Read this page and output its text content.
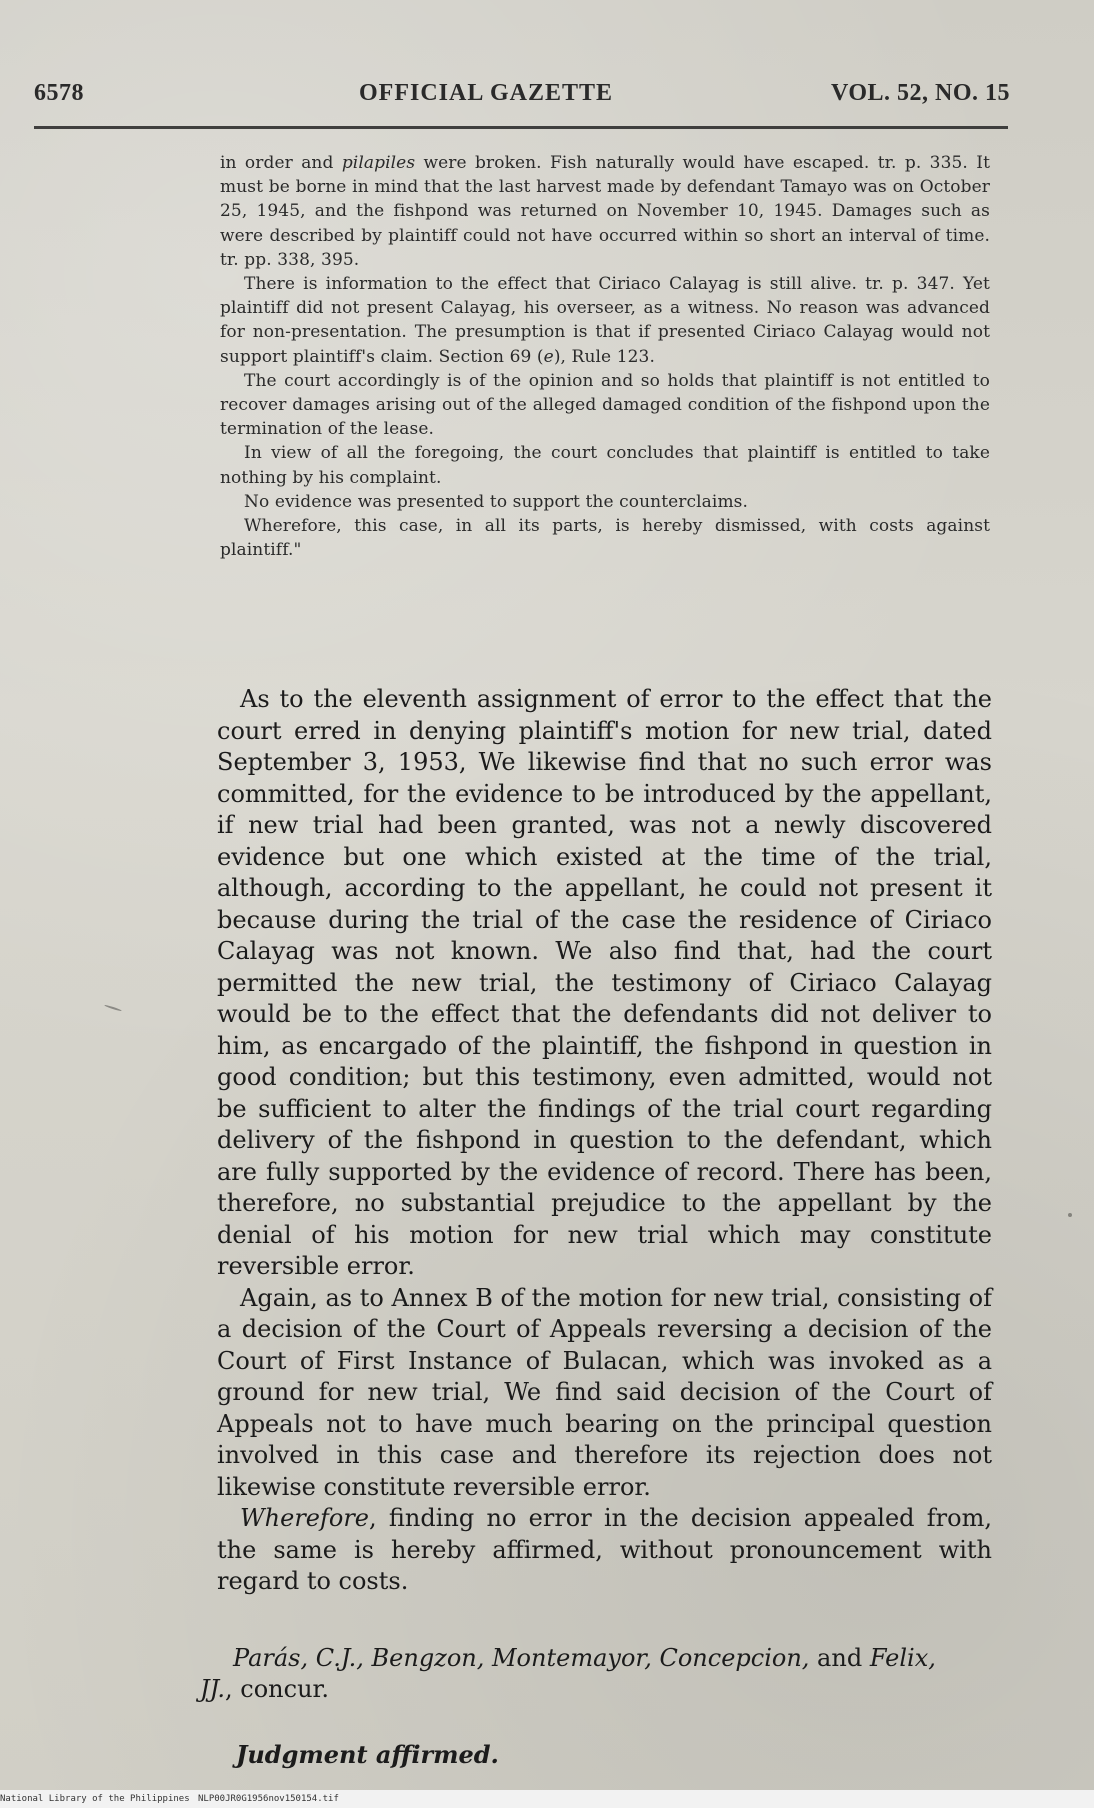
6578	OFFICIAL GAZETTE	VOL. 52, NO. 15

in order and pilapiles were broken. Fish naturally would have escaped. tr. p. 335. It must be borne in mind that the last harvest made by defendant Tamayo was on October 25, 1945, and the fishpond was returned on November 10, 1945. Damages such as were described by plaintiff could not have occurred within so short an interval of time. tr. pp. 338, 395.

There is information to the effect that Ciriaco Calayag is still alive. tr. p. 347. Yet plaintiff did not present Calayag, his overseer, as a witness. No reason was advanced for non-presentation. The presumption is that if presented Ciriaco Calayag would not support plaintiff's claim. Section 69 (e), Rule 123.

The court accordingly is of the opinion and so holds that plaintiff is not entitled to recover damages arising out of the alleged damaged condition of the fishpond upon the termination of the lease.

In view of all the foregoing, the court concludes that plaintiff is entitled to take nothing by his complaint.

No evidence was presented to support the counterclaims.

Wherefore, this case, in all its parts, is hereby dismissed, with costs against plaintiff."

As to the eleventh assignment of error to the effect that the court erred in denying plaintiff's motion for new trial, dated September 3, 1953, We likewise find that no such error was committed, for the evidence to be introduced by the appellant, if new trial had been granted, was not a newly discovered evidence but one which existed at the time of the trial, although, according to the appellant, he could not present it because during the trial of the case the residence of Ciriaco Calayag was not known. We also find that, had the court permitted the new trial, the testimony of Ciriaco Calayag would be to the effect that the defendants did not deliver to him, as encargado of the plaintiff, the fishpond in question in good condition; but this testimony, even admitted, would not be sufficient to alter the findings of the trial court regarding delivery of the fishpond in question to the defendant, which are fully supported by the evidence of record. There has been, therefore, no substantial prejudice to the appellant by the denial of his motion for new trial which may constitute reversible error.

Again, as to Annex B of the motion for new trial, consisting of a decision of the Court of Appeals reversing a decision of the Court of First Instance of Bulacan, which was invoked as a ground for new trial, We find said decision of the Court of Appeals not to have much bearing on the principal question involved in this case and therefore its rejection does not likewise constitute reversible error.

Wherefore, finding no error in the decision appealed from, the same is hereby affirmed, without pronouncement with regard to costs.

Parás, C.J., Bengzon, Montemayor, Concepcion, and Felix, JJ., concur.
Judgment affirmed.
National Library of the Philippines NLP00JR0G1956nov150154.tif
